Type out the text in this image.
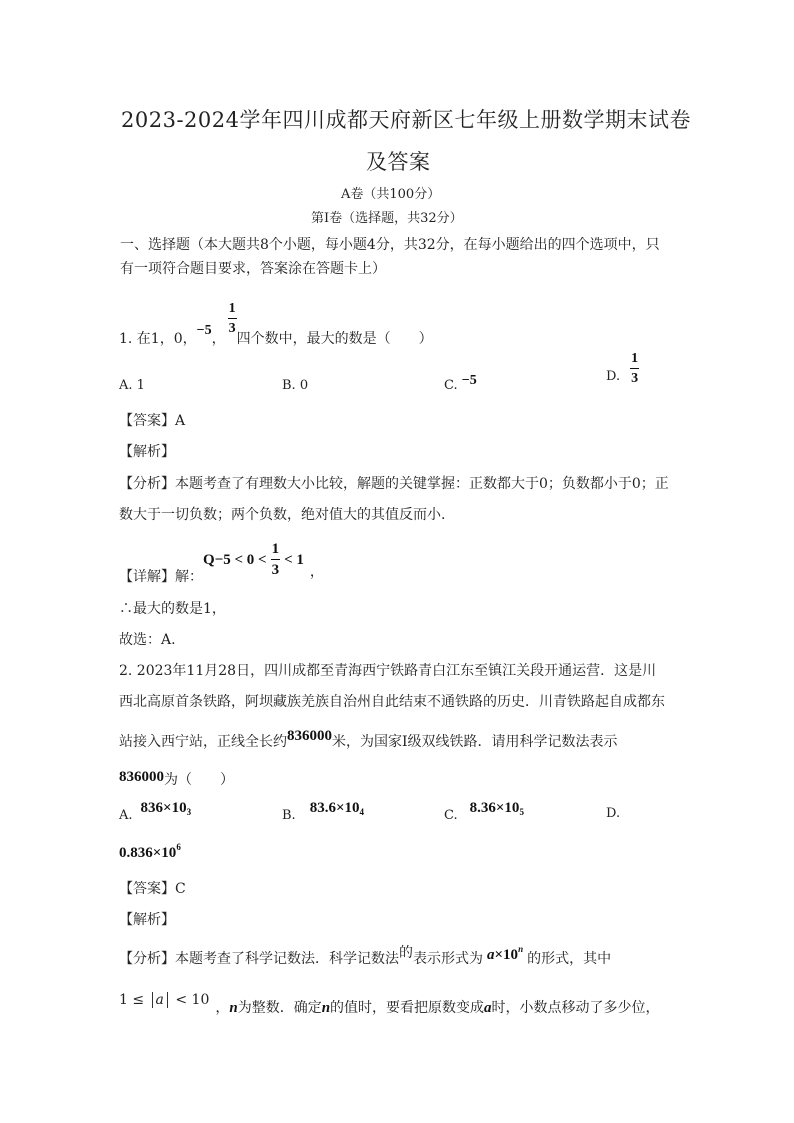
2023-2024学年四川成都天府新区七年级上册数学期末试卷
及答案
A卷（共100分）
第Ⅰ卷（选择题，共32分）
一、选择题（本大题共8个小题，每小题4分，共32分，在每小题给出的四个选项中，只
有一项符合题目要求，答案涂在答题卡上）
1. 在1，0，
−5
，
$\frac{1}{3}$
四个数中，最大的数是（　　）
A. 1	B. 0	C. −5	D. $\frac{1}{3}$
【答案】A
【解析】
【分析】本题考查了有理数大小比较，解题的关键掌握：正数都大于0；负数都小于0；正
数大于一切负数；两个负数，绝对值大的其值反而小.
【详解】解：
$Q-5 < 0 < \frac{1}{3} < 1$
，
∴最大的数是1，
故选：A.
2. 2023年11月28日，四川成都至青海西宁铁路青白江东至镇江关段开通运营．这是川
西北高原首条铁路，阿坝藏族羌族自治州自此结束不通铁路的历史．川青铁路起自成都东
站接入西宁站，正线全长约 836000 米，为国家Ⅰ级双线铁路．请用科学记数法表示
836000 为（　　）
A. 836×10 3	B. 83.6×10 4	C. 8.36×10 5	D.
$0.836\times 10^6$
【答案】C
【解析】
【分析】本题考查了科学记数法．科学记数法 的 表示形式为 $a\times 10^n$
的形式，其中
1 ≤ a < 10 ， n 为整数．确定 n 的值时，要看把原数变成 a 时，小数点移动了多少位，
